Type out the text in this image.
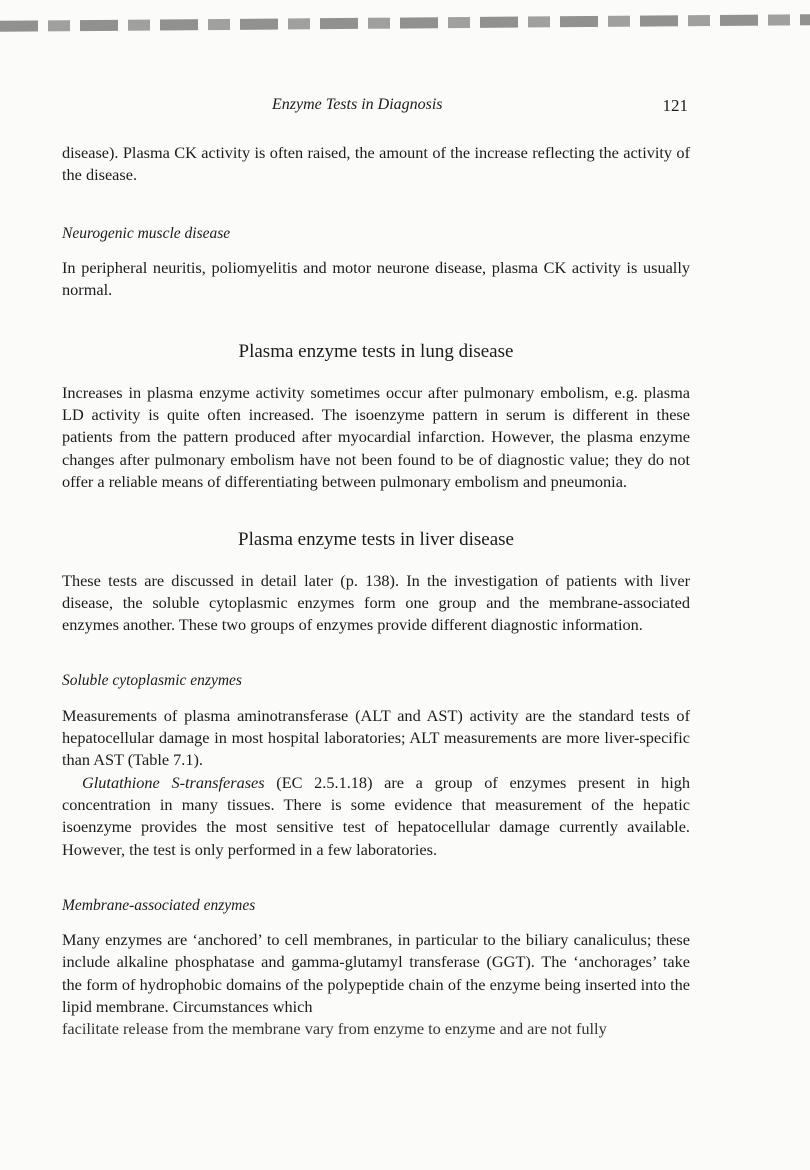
Enzyme Tests in Diagnosis	121

disease). Plasma CK activity is often raised, the amount of the increase reflecting the activity of the disease.

Neurogenic muscle disease

In peripheral neuritis, poliomyelitis and motor neurone disease, plasma CK activity is usually normal.

Plasma enzyme tests in lung disease

Increases in plasma enzyme activity sometimes occur after pulmonary embolism, e.g. plasma LD activity is quite often increased. The isoenzyme pattern in serum is different in these patients from the pattern produced after myocardial infarction. However, the plasma enzyme changes after pulmonary embolism have not been found to be of diagnostic value; they do not offer a reliable means of differentiating between pulmonary embolism and pneumonia.

Plasma enzyme tests in liver disease

These tests are discussed in detail later (p. 138). In the investigation of patients with liver disease, the soluble cytoplasmic enzymes form one group and the membrane-associated enzymes another. These two groups of enzymes provide different diagnostic information.

Soluble cytoplasmic enzymes

Measurements of plasma aminotransferase (ALT and AST) activity are the standard tests of hepatocellular damage in most hospital laboratories; ALT measurements are more liver-specific than AST (Table 7.1).

Glutathione S-transferases (EC 2.5.1.18) are a group of enzymes present in high concentration in many tissues. There is some evidence that measurement of the hepatic isoenzyme provides the most sensitive test of hepatocellular damage currently available. However, the test is only performed in a few laboratories.

Membrane-associated enzymes

Many enzymes are ‘anchored’ to cell membranes, in particular to the biliary canaliculus; these include alkaline phosphatase and gamma-glutamyl transferase (GGT). The ‘anchorages’ take the form of hydrophobic domains of the polypeptide chain of the enzyme being inserted into the lipid membrane. Circumstances which

facilitate release from the membrane vary from enzyme to enzyme and are not fully
